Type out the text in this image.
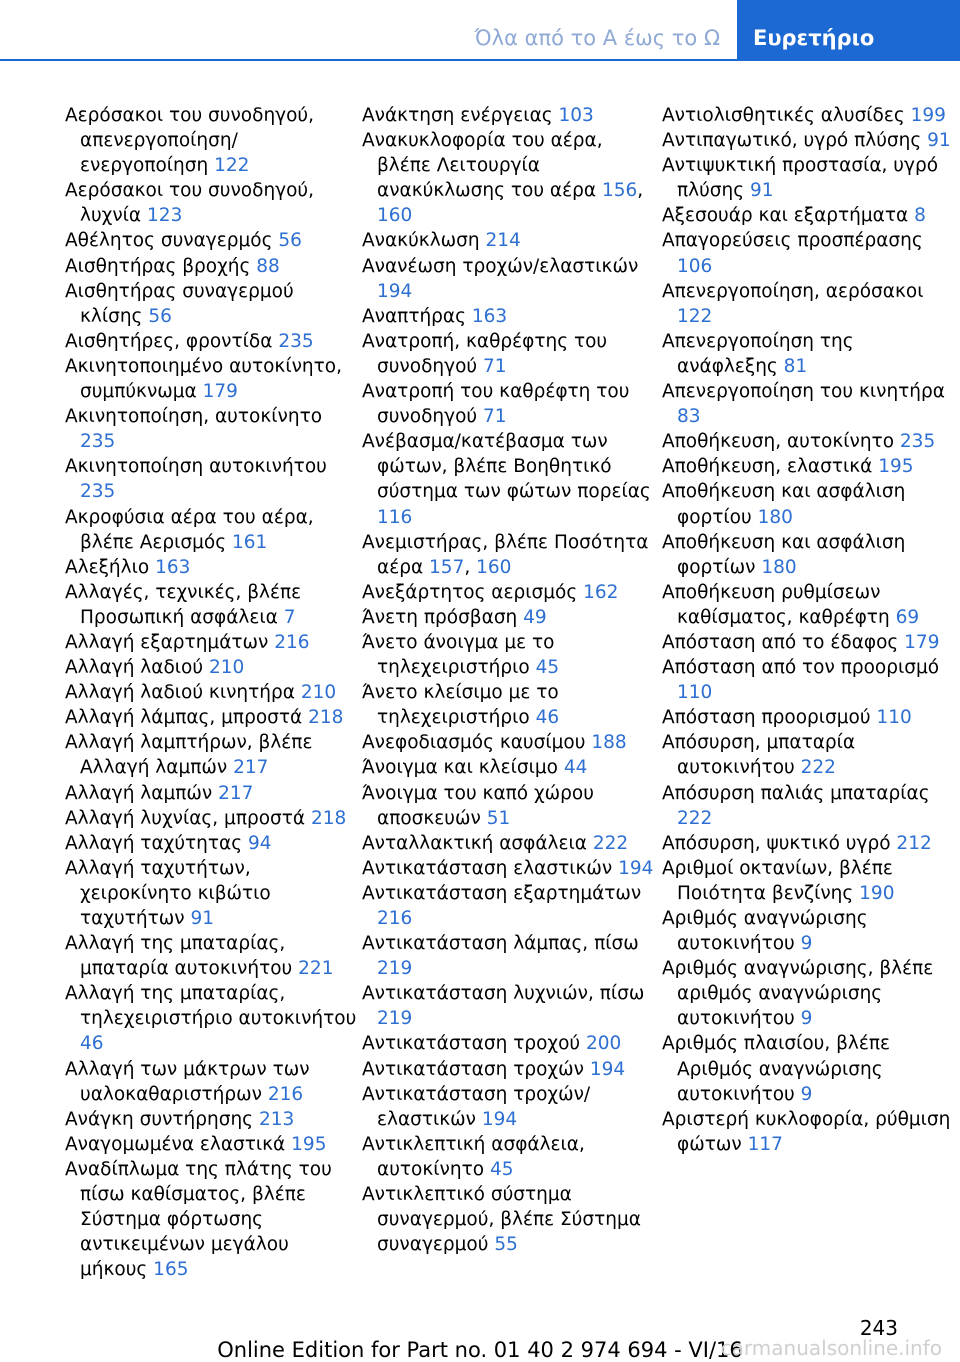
Όλα από το Α έως το Ω	Ευρετήριο
Αερόσακοι του συνοδηγού, απενεργοποίηση/ενεργοποίηση 122
Αερόσακοι του συνοδηγού, λυχνία 123
Αθέλητος συναγερμός 56
Αισθητήρας βροχής 88
Αισθητήρας συναγερμού κλίσης 56
Αισθητήρες, φροντίδα 235
Ακινητοποιημένο αυτοκίνητο, συμπύκνωμα 179
Ακινητοποίηση, αυτοκίνητο 235
Ακινητοποίηση αυτοκινήτου 235
Ακροφύσια αέρα του αέρα, βλέπε Αερισμός 161
Αλεξήλιο 163
Αλλαγές, τεχνικές, βλέπε Προσωπική ασφάλεια 7
Αλλαγή εξαρτημάτων 216
Αλλαγή λαδιού 210
Αλλαγή λαδιού κινητήρα 210
Αλλαγή λάμπας, μπροστά 218
Αλλαγή λαμπτήρων, βλέπε Αλλαγή λαμπών 217
Αλλαγή λαμπών 217
Αλλαγή λυχνίας, μπροστά 218
Αλλαγή ταχύτητας 94
Αλλαγή ταχυτήτων, χειροκίνητο κιβώτιο ταχυτήτων 91
Αλλαγή της μπαταρίας, μπαταρία αυτοκινήτου 221
Αλλαγή της μπαταρίας, τηλεχειριστήριο αυτοκινήτου 46
Αλλαγή των μάκτρων των υαλοκαθαριστήρων 216
Ανάγκη συντήρησης 213
Αναγομωμένα ελαστικά 195
Αναδίπλωμα της πλάτης του πίσω καθίσματος, βλέπε Σύστημα φόρτωσης αντικειμένων μεγάλου μήκους 165
Ανάκτηση ενέργειας 103
Ανακυκλοφορία του αέρα, βλέπε Λειτουργία ανακύκλωσης του αέρα 156, 160
Ανακύκλωση 214
Ανανέωση τροχών/ελαστικών 194
Αναπτήρας 163
Ανατροπή, καθρέφτης του συνοδηγού 71
Ανατροπή του καθρέφτη του συνοδηγού 71
Ανέβασμα/κατέβασμα των φώτων, βλέπε Βοηθητικό σύστημα των φώτων πορείας 116
Ανεμιστήρας, βλέπε Ποσότητα αέρα 157, 160
Ανεξάρτητος αερισμός 162
Άνετη πρόσβαση 49
Άνετο άνοιγμα με το τηλεχειριστήριο 45
Άνετο κλείσιμο με το τηλεχειριστήριο 46
Ανεφοδιασμός καυσίμου 188
Άνοιγμα και κλείσιμο 44
Άνοιγμα του καπό χώρου αποσκευών 51
Ανταλλακτική ασφάλεια 222
Αντικατάσταση ελαστικών 194
Αντικατάσταση εξαρτημάτων 216
Αντικατάσταση λάμπας, πίσω 219
Αντικατάσταση λυχνιών, πίσω 219
Αντικατάσταση τροχού 200
Αντικατάσταση τροχών 194
Αντικατάσταση τροχών/ελαστικών 194
Αντικλεπτική ασφάλεια, αυτοκίνητο 45
Αντικλεπτικό σύστημα συναγερμού, βλέπε Σύστημα συναγερμού 55
Αντιολισθητικές αλυσίδες 199
Αντιπαγωτικό, υγρό πλύσης 91
Αντιψυκτική προστασία, υγρό πλύσης 91
Αξεσουάρ και εξαρτήματα 8
Απαγορεύσεις προσπέρασης 106
Απενεργοποίηση, αερόσακοι 122
Απενεργοποίηση της ανάφλεξης 81
Απενεργοποίηση του κινητήρα 83
Αποθήκευση, αυτοκίνητο 235
Αποθήκευση, ελαστικά 195
Αποθήκευση και ασφάλιση φορτίου 180
Αποθήκευση και ασφάλιση φορτίων 180
Αποθήκευση ρυθμίσεων καθίσματος, καθρέφτη 69
Απόσταση από το έδαφος 179
Απόσταση από τον προορισμό 110
Απόσταση προορισμού 110
Απόσυρση, μπαταρία αυτοκινήτου 222
Απόσυρση παλιάς μπαταρίας 222
Απόσυρση, ψυκτικό υγρό 212
Αριθμοί οκτανίων, βλέπε Ποιότητα βενζίνης 190
Αριθμός αναγνώρισης αυτοκινήτου 9
Αριθμός αναγνώρισης, βλέπε αριθμός αναγνώρισης αυτοκινήτου 9
Αριθμός πλαισίου, βλέπε Αριθμός αναγνώρισης αυτοκινήτου 9
Αριστερή κυκλοφορία, ρύθμιση φώτων 117
243
Online Edition for Part no. 01 40 2 974 694 - VI/16
carmanualsonline.info
